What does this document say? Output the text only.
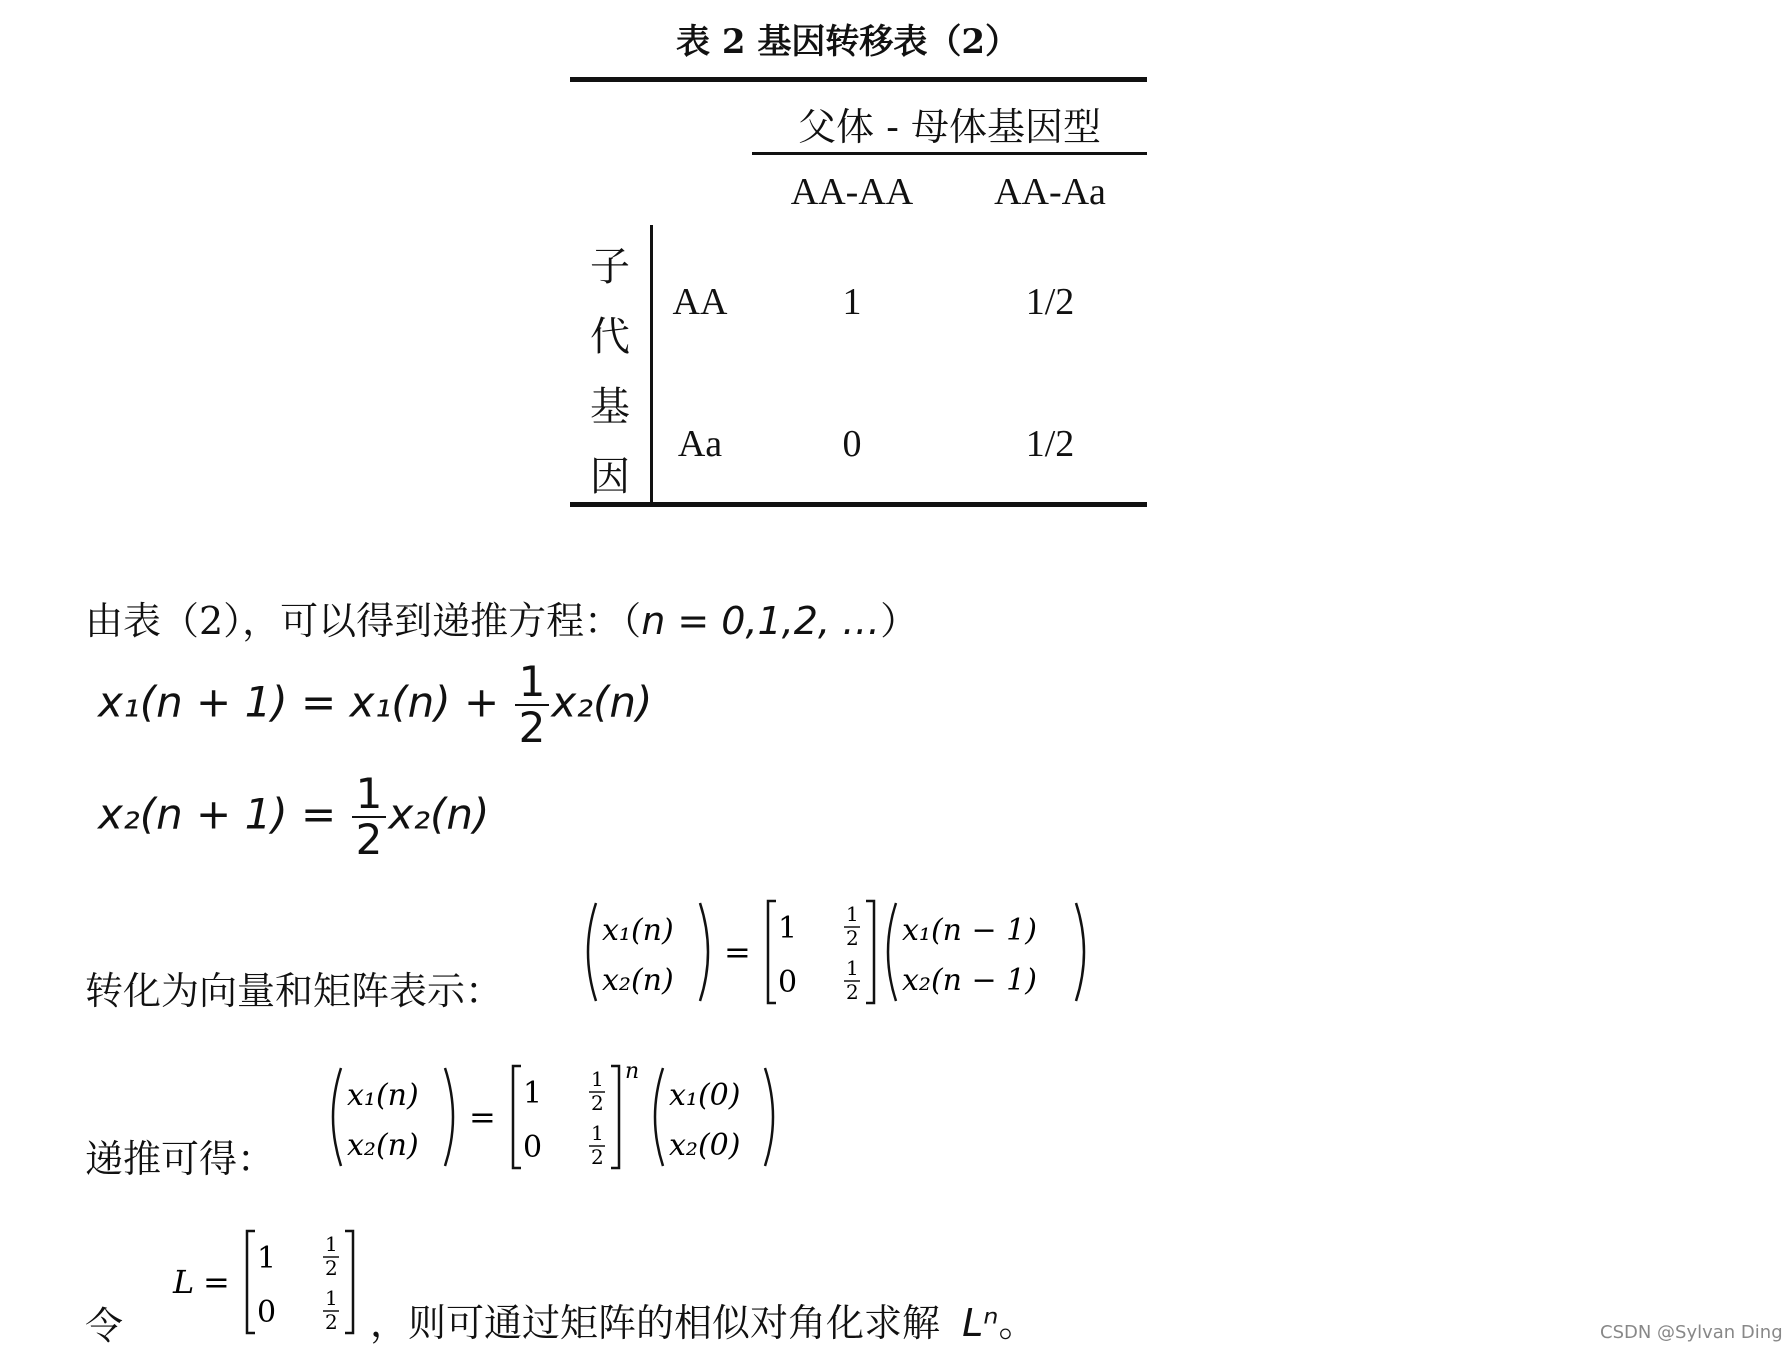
表 2 基因转移表（2）
父体 - 母体基因型
AA-AA	AA-Aa
子
代
基
因
AA	1	1/2
Aa	0	1/2
由表（2），可以得到递推方程：（n = 0,1,2, …）
$x_1(n + 1) = x_1(n) + \frac{1}{2} x_2(n)$
$x_2(n + 1) = \frac{1}{2} x_2(n)$
转化为向量和矩阵表示：
x₁(n)
x₂(n)
=
1 1
2
0 1
2
x₁(n − 1)
x₂(n − 1)
递推可得：
x₁(n)
x₂(n)
=
1 1
2
0 1
2
n
x₁(0)
x₂(0)
令
L =
1 1
2
0 1
2 ，则可通过矩阵的相似对角化求解 Lⁿ。	CSDN @Sylvan Ding
